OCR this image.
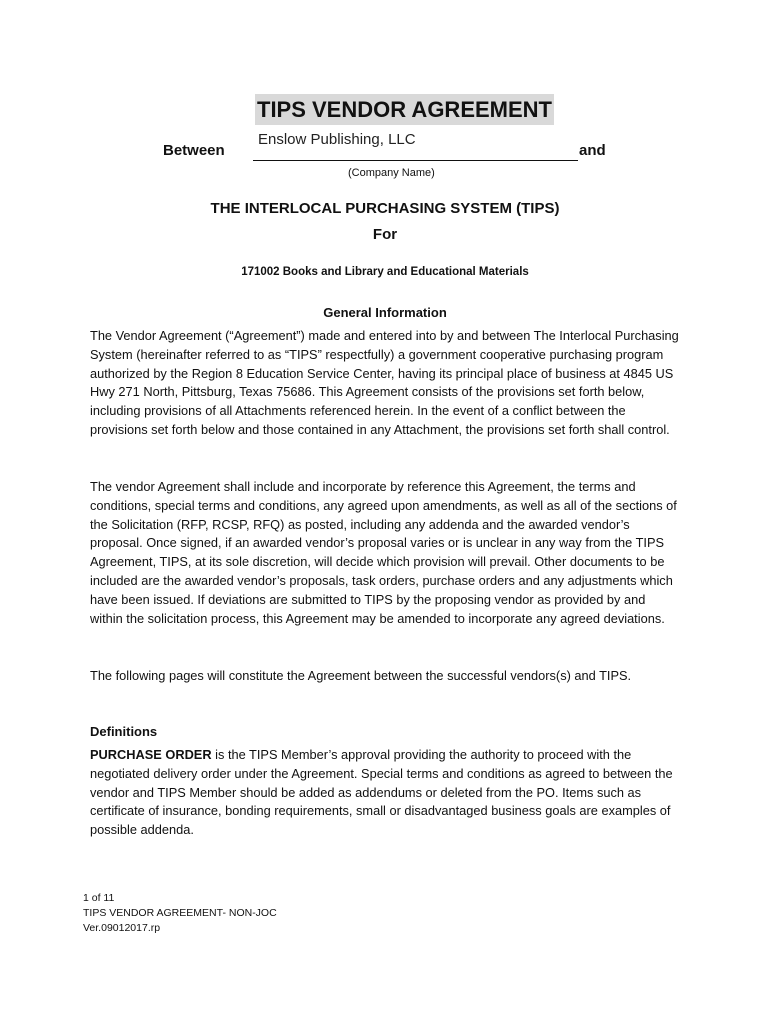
TIPS VENDOR AGREEMENT
Between
Enslow Publishing, LLC
and
(Company Name)
THE INTERLOCAL PURCHASING SYSTEM (TIPS)
For
171002 Books and Library and Educational Materials
General Information

The Vendor Agreement (“Agreement”) made and entered into by and between The Interlocal Purchasing System (hereinafter referred to as “TIPS” respectfully) a government cooperative purchasing program authorized by the Region 8 Education Service Center, having its principal place of business at 4845 US Hwy 271 North, Pittsburg, Texas 75686. This Agreement consists of the provisions set forth below, including provisions of all Attachments referenced herein. In the event of a conflict between the provisions set forth below and those contained in any Attachment, the provisions set forth shall control.

The vendor Agreement shall include and incorporate by reference this Agreement, the terms and conditions, special terms and conditions, any agreed upon amendments, as well as all of the sections of the Solicitation (RFP, RCSP, RFQ) as posted, including any addenda and the awarded vendor’s proposal. Once signed, if an awarded vendor’s proposal varies or is unclear in any way from the TIPS Agreement, TIPS, at its sole discretion, will decide which provision will prevail. Other documents to be included are the awarded vendor’s proposals, task orders, purchase orders and any adjustments which have been issued. If deviations are submitted to TIPS by the proposing vendor as provided by and within the solicitation process, this Agreement may be amended to incorporate any agreed deviations.

The following pages will constitute the Agreement between the successful vendors(s) and TIPS.

Definitions

PURCHASE ORDER is the TIPS Member’s approval providing the authority to proceed with the negotiated delivery order under the Agreement. Special terms and conditions as agreed to between the vendor and TIPS Member should be added as addendums or deleted from the PO. Items such as certificate of insurance, bonding requirements, small or disadvantaged business goals are examples of possible addenda.

1 of 11
TIPS VENDOR AGREEMENT- NON-JOC
Ver.09012017.rp
